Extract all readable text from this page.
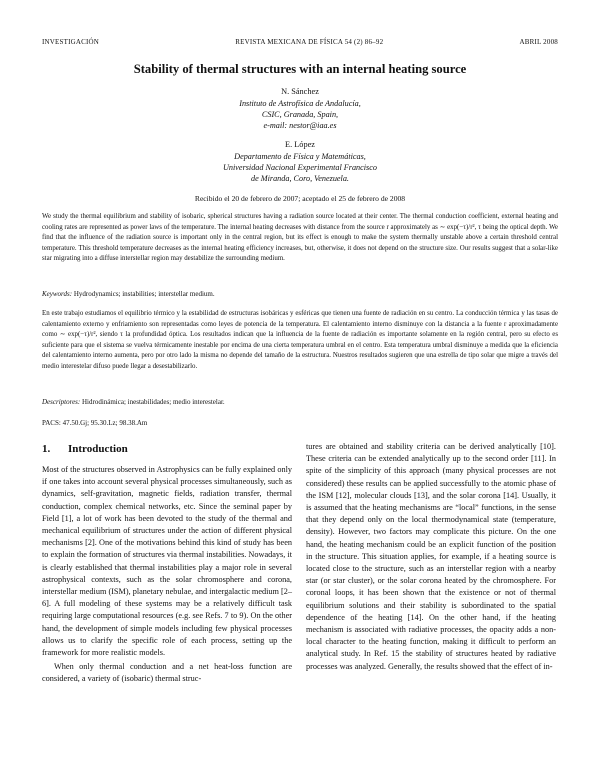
INVESTIGACIÓN	REVISTA MEXICANA DE FÍSICA 54 (2) 86–92	ABRIL 2008
Stability of thermal structures with an internal heating source
N. Sánchez
Instituto de Astrofísica de Andalucía,
CSIC, Granada, Spain,
e-mail: nestor@iaa.es
E. López
Departamento de Física y Matemáticas,
Universidad Nacional Experimental Francisco
de Miranda, Coro, Venezuela.
Recibido el 20 de febrero de 2007; aceptado el 25 de febrero de 2008
We study the thermal equilibrium and stability of isobaric, spherical structures having a radiation source located at their center. The thermal conduction coefficient, external heating and cooling rates are represented as power laws of the temperature. The internal heating decreases with distance from the source r approximately as ∼ exp(−τ)/r², τ being the optical depth. We find that the influence of the radiation source is important only in the central region, but its effect is enough to make the system thermally unstable above a certain threshold central temperature. This threshold temperature decreases as the internal heating efficiency increases, but, otherwise, it does not depend on the structure size. Our results suggest that a solar-like star migrating into a diffuse interstellar region may destabilize the surrounding medium.
Keywords: Hydrodynamics; instabilities; interstellar medium.
En este trabajo estudiamos el equilibrio térmico y la estabilidad de estructuras isobáricas y esféricas que tienen una fuente de radiación en su centro. La conducción térmica y las tasas de calentamiento externo y enfriamiento son representadas como leyes de potencia de la temperatura. El calentamiento interno disminuye con la distancia a la fuente r aproximadamente como ∼ exp(−τ)/r², siendo τ la profundidad óptica. Los resultados indican que la influencia de la fuente de radiación es importante solamente en la región central, pero su efecto es suficiente para que el sistema se vuelva térmicamente inestable por encima de una cierta temperatura umbral en el centro. Esta temperatura umbral disminuye a medida que la eficiencia del calentamiento interno aumenta, pero por otro lado la misma no depende del tamaño de la estructura. Nuestros resultados sugieren que una estrella de tipo solar que migre a través del medio interestelar difuso puede llegar a desestabilizarlo.
Descriptores: Hidrodinámica; inestabilidades; medio interestelar.
PACS: 47.50.Gj; 95.30.Lz; 98.38.Am
1. Introduction

Most of the structures observed in Astrophysics can be fully explained only if one takes into account several physical processes simultaneously, such as dynamics, self-gravitation, magnetic fields, radiation transfer, thermal conduction, complex chemical networks, etc. Since the seminal paper by Field [1], a lot of work has been devoted to the study of the thermal and mechanical equilibrium of structures under the action of different physical mechanisms [2]. One of the motivations behind this kind of study has been to explain the formation of structures via thermal instabilities. Nowadays, it is clearly established that thermal instabilities play a major role in several astrophysical contexts, such as the solar chromosphere and corona, interstellar medium (ISM), planetary nebulae, and intergalactic medium [2–6]. A full modeling of these systems may be a relatively difficult task requiring large computational resources (e.g. see Refs. 7 to 9). On the other hand, the development of simple models including few physical processes allows us to clarify the specific role of each process, setting up the framework for more realistic models.

When only thermal conduction and a net heat-loss function are considered, a variety of (isobaric) thermal struc-

tures are obtained and stability criteria can be derived analytically [10]. These criteria can be extended analytically up to the second order [11]. In spite of the simplicity of this approach (many physical processes are not considered) these results can be applied successfully to the atomic phase of the ISM [12], molecular clouds [13], and the solar corona [14]. Usually, it is assumed that the heating mechanisms are “local” functions, in the sense that they depend only on the local thermodynamical state (temperature, density). However, two factors may complicate this picture. On the one hand, the heating mechanism could be an explicit function of the position in the structure. This situation applies, for example, if a heating source is located close to the structure, such as an interstellar region with a nearby star (or star cluster), or the solar corona heated by the chromosphere. For coronal loops, it has been shown that the existence or not of thermal equilibrium solutions and their stability is subordinated to the spatial dependence of the heating [14]. On the other hand, if the heating mechanism is associated with radiative processes, the opacity adds a non-local character to the heating function, making it difficult to perform an analytical study. In Ref. 15 the stability of structures heated by radiative processes was analyzed. Generally, the results showed that the effect of in-
